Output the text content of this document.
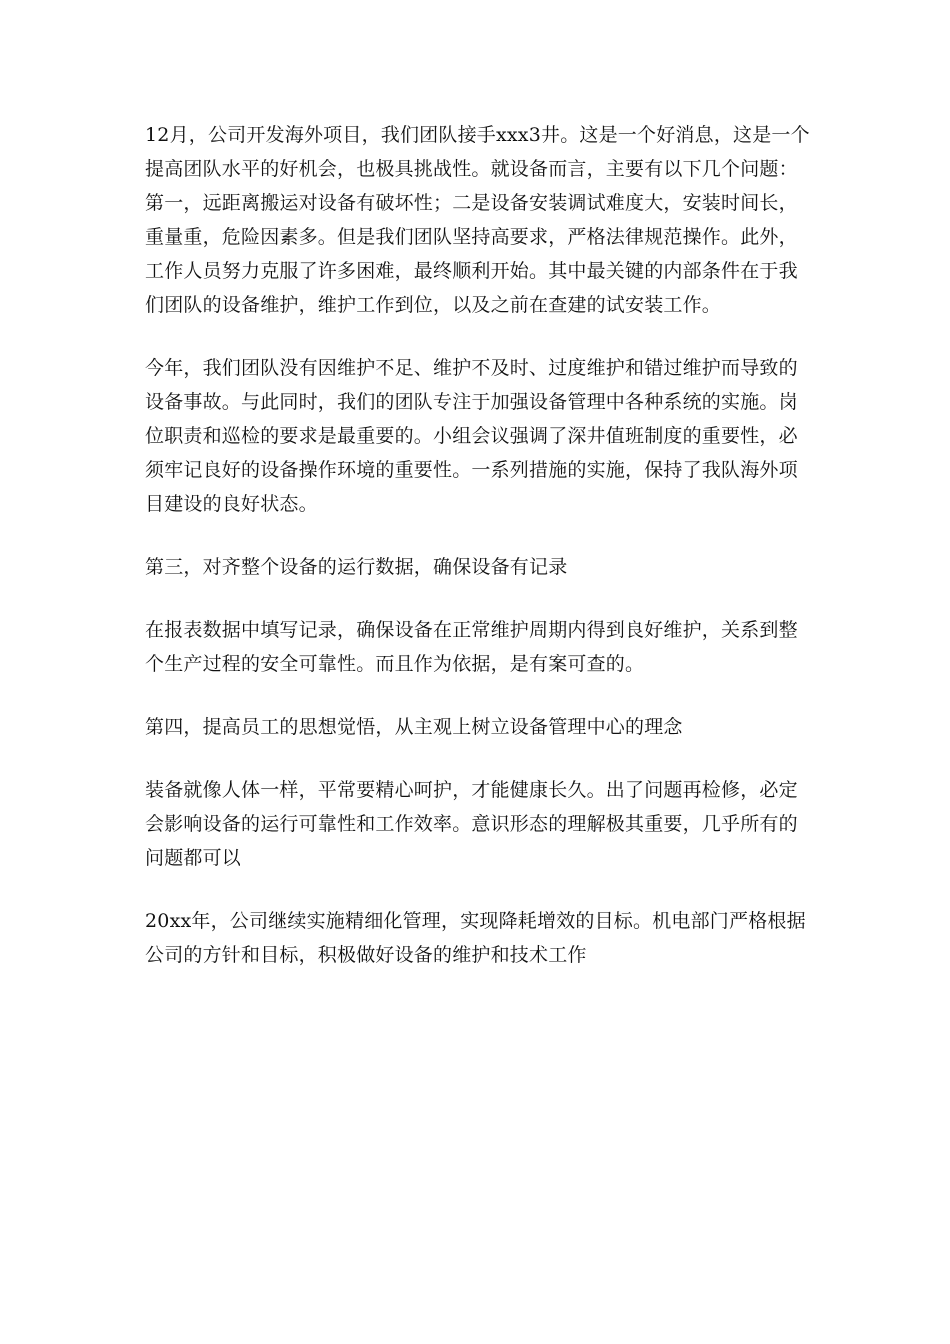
12月，公司开发海外项目，我们团队接手xxx3井。这是一个好消息，这是一个提高团队水平的好机会，也极具挑战性。就设备而言，主要有以下几个问题：第一，远距离搬运对设备有破坏性；二是设备安装调试难度大，安装时间长，重量重，危险因素多。但是我们团队坚持高要求，严格法律规范操作。此外，工作人员努力克服了许多困难，最终顺利开始。其中最关键的内部条件在于我们团队的设备维护，维护工作到位，以及之前在查建的试安装工作。

今年，我们团队没有因维护不足、维护不及时、过度维护和错过维护而导致的设备事故。与此同时，我们的团队专注于加强设备管理中各种系统的实施。岗位职责和巡检的要求是最重要的。小组会议强调了深井值班制度的重要性，必须牢记良好的设备操作环境的重要性。一系列措施的实施，保持了我队海外项目建设的良好状态。

第三，对齐整个设备的运行数据，确保设备有记录

在报表数据中填写记录，确保设备在正常维护周期内得到良好维护，关系到整个生产过程的安全可靠性。而且作为依据，是有案可查的。

第四，提高员工的思想觉悟，从主观上树立设备管理中心的理念

装备就像人体一样，平常要精心呵护，才能健康长久。出了问题再检修，必定会影响设备的运行可靠性和工作效率。意识形态的理解极其重要，几乎所有的问题都可以

20xx年，公司继续实施精细化管理，实现降耗增效的目标。机电部门严格根据公司的方针和目标，积极做好设备的维护和技术工作
